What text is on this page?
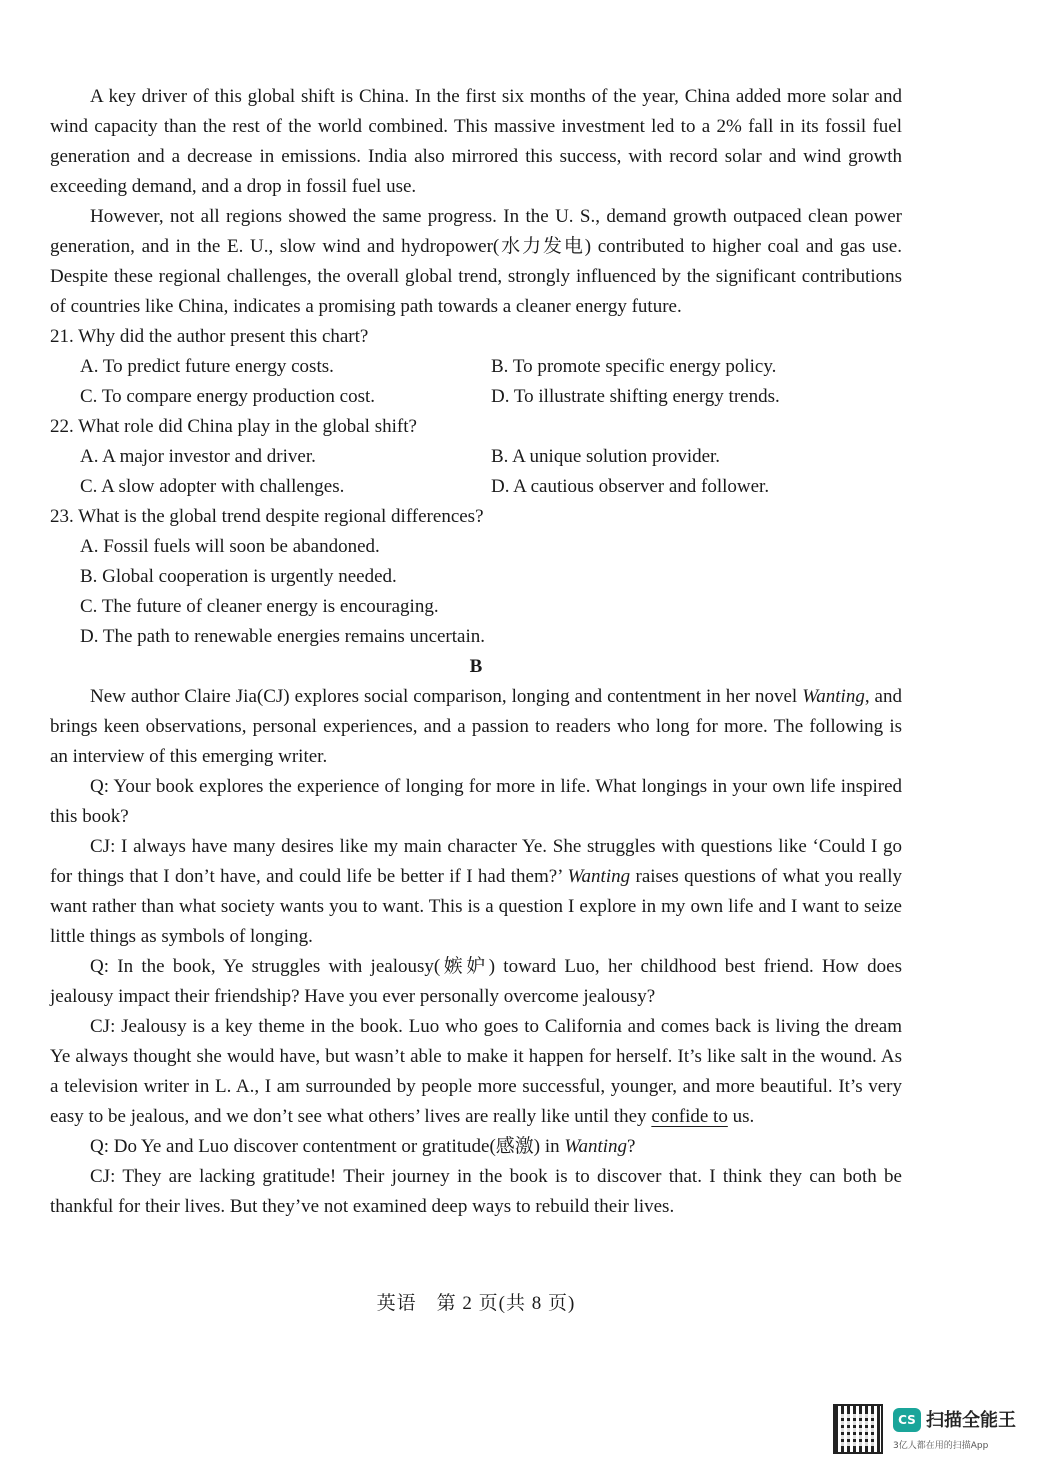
A key driver of this global shift is China. In the first six months of the year, China added more solar and wind capacity than the rest of the world combined. This massive investment led to a 2% fall in its fossil fuel generation and a decrease in emissions. India also mirrored this success, with record solar and wind growth exceeding demand, and a drop in fossil fuel use.

However, not all regions showed the same progress. In the U. S., demand growth outpaced clean power generation, and in the E. U., slow wind and hydropower(水力发电) contributed to higher coal and gas use. Despite these regional challenges, the overall global trend, strongly influenced by the significant contributions of countries like China, indicates a promising path towards a cleaner energy future.

21. Why did the author present this chart?

A. To predict future energy costs.	B. To promote specific energy policy.
C. To compare energy production cost.	D. To illustrate shifting energy trends.

22. What role did China play in the global shift?

A. A major investor and driver.	B. A unique solution provider.
C. A slow adopter with challenges.	D. A cautious observer and follower.

23. What is the global trend despite regional differences?

A. Fossil fuels will soon be abandoned.
B. Global cooperation is urgently needed.
C. The future of cleaner energy is encouraging.
D. The path to renewable energies remains uncertain.

B

New author Claire Jia(CJ) explores social comparison, longing and contentment in her novel Wanting, and brings keen observations, personal experiences, and a passion to readers who long for more. The following is an interview of this emerging writer.

Q: Your book explores the experience of longing for more in life. What longings in your own life inspired this book?

CJ: I always have many desires like my main character Ye. She struggles with questions like ‘Could I go for things that I don’t have, and could life be better if I had them?’ Wanting raises questions of what you really want rather than what society wants you to want. This is a question I explore in my own life and I want to seize little things as symbols of longing.

Q: In the book, Ye struggles with jealousy(嫉妒) toward Luo, her childhood best friend. How does jealousy impact their friendship? Have you ever personally overcome jealousy?

CJ: Jealousy is a key theme in the book. Luo who goes to California and comes back is living the dream Ye always thought she would have, but wasn’t able to make it happen for herself. It’s like salt in the wound. As a television writer in L. A., I am surrounded by people more successful, younger, and more beautiful. It’s very easy to be jealous, and we don’t see what others’ lives are really like until they confide to us.

Q: Do Ye and Luo discover contentment or gratitude(感激) in Wanting?

CJ: They are lacking gratitude! Their journey in the book is to discover that. I think they can both be thankful for their lives. But they’ve not examined deep ways to rebuild their lives.

英语　第 2 页(共 8 页)
CS 扫描全能王
3亿人都在用的扫描App
